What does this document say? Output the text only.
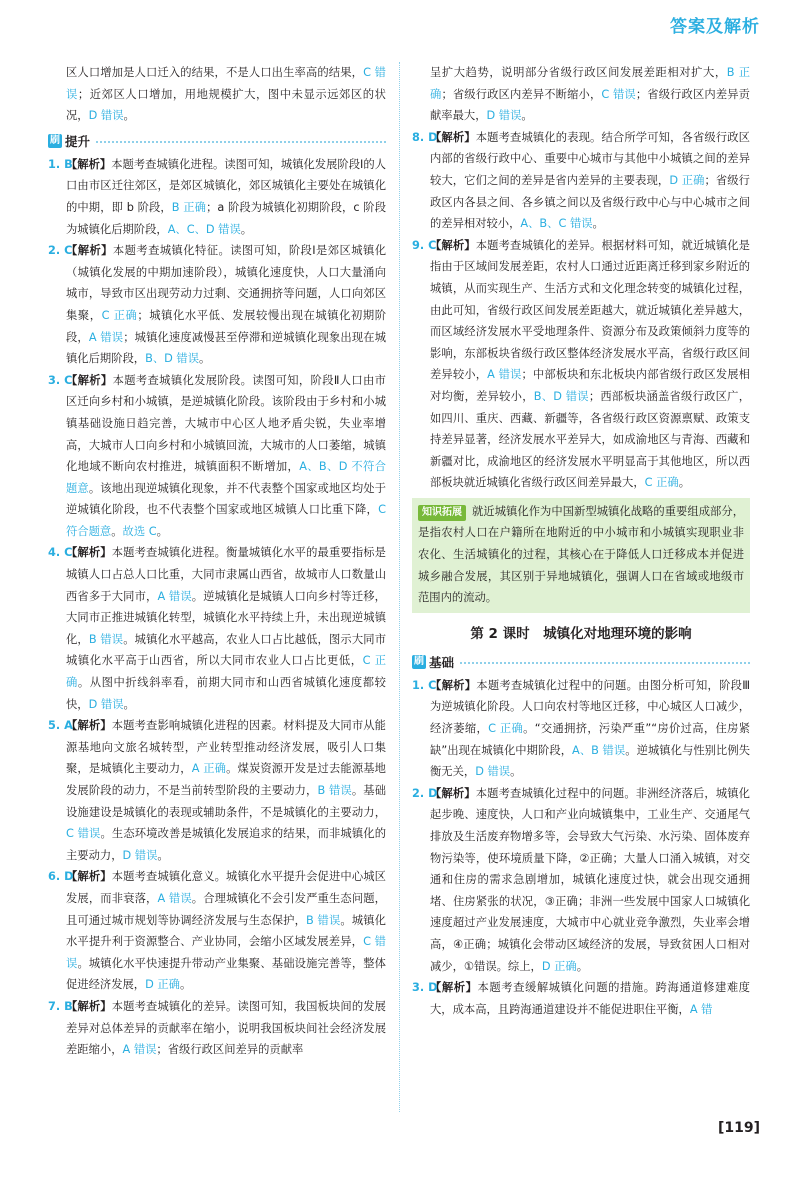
答案及解析

区人口增加是人口迁入的结果，不是人口出生率高的结果，C 错误；近郊区人口增加，用地规模扩大，图中未显示远郊区的状况，D 错误。

刷 提升
1. B
【解析】本题考查城镇化进程。读图可知，城镇化发展阶段Ⅰ的人口由市区迁往郊区，是郊区城镇化，郊区城镇化主要处在城镇化的中期，即 b 阶段，B 正确；a 阶段为城镇化初期阶段，c 阶段为城镇化后期阶段，A、C、D 错误。
2. C
【解析】本题考查城镇化特征。读图可知，阶段Ⅰ是郊区城镇化（城镇化发展的中期加速阶段），城镇化速度快，人口大量涌向城市，导致市区出现劳动力过剩、交通拥挤等问题，人口向郊区集聚，C 正确；城镇化水平低、发展较慢出现在城镇化初期阶段，A 错误；城镇化速度减慢甚至停滞和逆城镇化现象出现在城镇化后期阶段，B、D 错误。
3. C
【解析】本题考查城镇化发展阶段。读图可知，阶段Ⅱ人口由市区迁向乡村和小城镇，是逆城镇化阶段。该阶段由于乡村和小城镇基础设施日趋完善，大城市中心区人地矛盾尖锐，失业率增高，大城市人口向乡村和小城镇回流，大城市的人口萎缩，城镇化地域不断向农村推进，城镇面积不断增加，A、B、D 不符合题意。该地出现逆城镇化现象，并不代表整个国家或地区均处于逆城镇化阶段，也不代表整个国家或地区城镇人口比重下降，C 符合题意。故选 C。
4. C
【解析】本题考查城镇化进程。衡量城镇化水平的最重要指标是城镇人口占总人口比重，大同市隶属山西省，故城市人口数量山西省多于大同市，A 错误。逆城镇化是城镇人口向乡村等迁移，大同市正推进城镇化转型，城镇化水平持续上升，未出现逆城镇化，B 错误。城镇化水平越高，农业人口占比越低，图示大同市城镇化水平高于山西省，所以大同市农业人口占比更低，C 正确。从图中折线斜率看，前期大同市和山西省城镇化速度都较快，D 错误。
5. A
【解析】本题考查影响城镇化进程的因素。材料提及大同市从能源基地向文旅名城转型，产业转型推动经济发展，吸引人口集聚，是城镇化主要动力，A 正确。煤炭资源开发是过去能源基地发展阶段的动力，不是当前转型阶段的主要动力，B 错误。基础设施建设是城镇化的表现或辅助条件，不是城镇化的主要动力，C 错误。生态环境改善是城镇化发展追求的结果，而非城镇化的主要动力，D 错误。
6. D
【解析】本题考查城镇化意义。城镇化水平提升会促进中心城区发展，而非衰落，A 错误。合理城镇化不会引发严重生态问题，且可通过城市规划等协调经济发展与生态保护，B 错误。城镇化水平提升利于资源整合、产业协同，会缩小区域发展差异，C 错误。城镇化水平快速提升带动产业集聚、基础设施完善等，整体促进经济发展，D 正确。
7. B
【解析】本题考查城镇化的差异。读图可知，我国板块间的发展差异对总体差异的贡献率在缩小，说明我国板块间社会经济发展差距缩小，A 错误；省级行政区间差异的贡献率

呈扩大趋势，说明部分省级行政区间发展差距相对扩大，B 正确；省级行政区内差异不断缩小，C 错误；省级行政区内差异贡献率最大，D 错误。

8. D
【解析】本题考查城镇化的表现。结合所学可知，各省级行政区内部的省级行政中心、重要中心城市与其他中小城镇之间的差异较大，它们之间的差异是省内差异的主要表现，D 正确；省级行政区内各县之间、各乡镇之间以及省级行政中心与中心城市之间的差异相对较小，A、B、C 错误。
9. C
【解析】本题考查城镇化的差异。根据材料可知，就近城镇化是指由于区域间发展差距，农村人口通过近距离迁移到家乡附近的城镇，从而实现生产、生活方式和文化理念转变的城镇化过程，由此可知，省级行政区间发展差距越大，就近城镇化差异越大，而区域经济发展水平受地理条件、资源分布及政策倾斜力度等的影响，东部板块省级行政区整体经济发展水平高，省级行政区间差异较小，A 错误；中部板块和东北板块内部省级行政区发展相对均衡，差异较小，B、D 错误；西部板块涵盖省级行政区广，如四川、重庆、西藏、新疆等，各省级行政区资源禀赋、政策支持差异显著，经济发展水平差异大，如成渝地区与青海、西藏和新疆对比，成渝地区的经济发展水平明显高于其他地区，所以西部板块就近城镇化省级行政区间差异最大，C 正确。
知识拓展 就近城镇化作为中国新型城镇化战略的重要组成部分，是指农村人口在户籍所在地附近的中小城市和小城镇实现职业非农化、生活城镇化的过程，其核心在于降低人口迁移成本并促进城乡融合发展，其区别于异地城镇化，强调人口在省域或地级市范围内的流动。
第 2 课时　城镇化对地理环境的影响
刷 基础
1. C
【解析】本题考查城镇化过程中的问题。由图分析可知，阶段Ⅲ为逆城镇化阶段。人口向农村等地区迁移，中心城区人口减少，经济萎缩，C 正确。“交通拥挤，污染严重”“房价过高，住房紧缺”出现在城镇化中期阶段，A、B 错误。逆城镇化与性别比例失衡无关，D 错误。
2. D
【解析】本题考查城镇化过程中的问题。非洲经济落后，城镇化起步晚、速度快，人口和产业向城镇集中，工业生产、交通尾气排放及生活废弃物增多等，会导致大气污染、水污染、固体废弃物污染等，使环境质量下降，②正确；大量人口涌入城镇，对交通和住房的需求急剧增加，城镇化速度过快，就会出现交通拥堵、住房紧张的状况，③正确；非洲一些发展中国家人口城镇化速度超过产业发展速度，大城市中心就业竞争激烈，失业率会增高，④正确；城镇化会带动区域经济的发展，导致贫困人口相对减少，①错误。综上，D 正确。
3. D
【解析】本题考查缓解城镇化问题的措施。跨海通道修建难度大，成本高，且跨海通道建设并不能促进职住平衡，A 错
[119]
